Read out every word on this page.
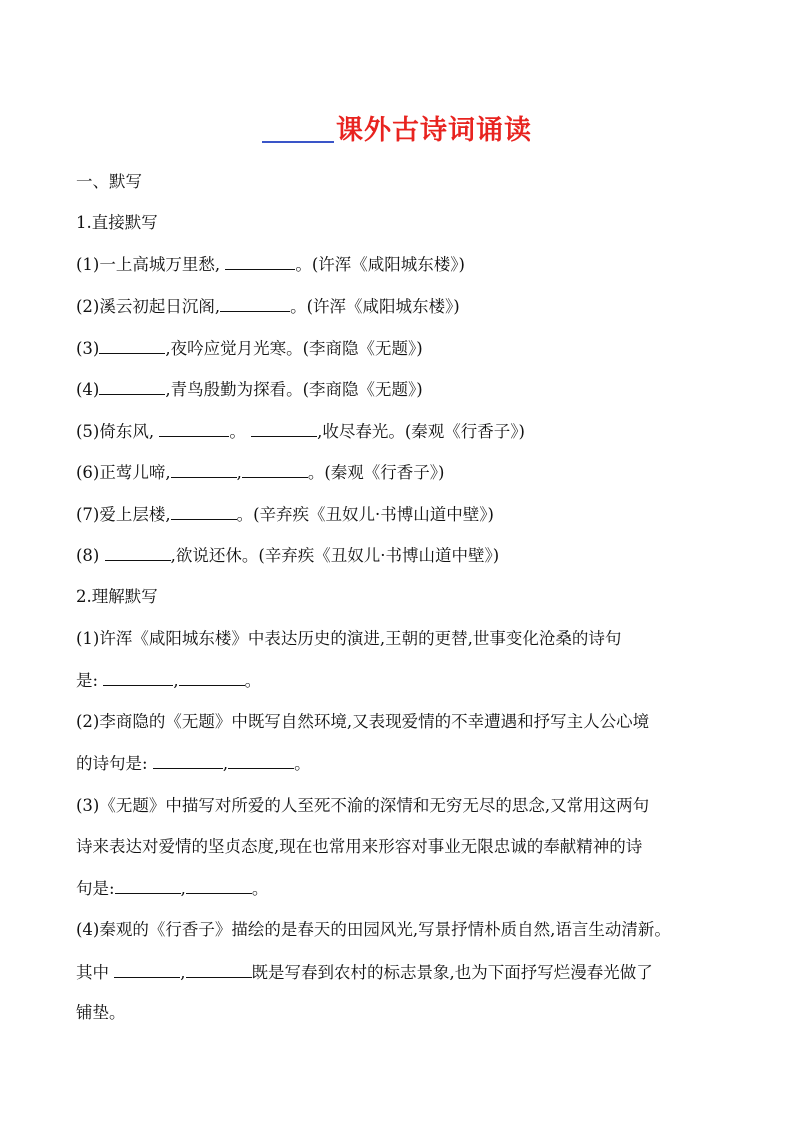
课外古诗词诵读
一、默写
1.直接默写
(1)一上高城万里愁,	。(许浑《咸阳城东楼》)
(2)溪云初起日沉阁,	。(许浑《咸阳城东楼》)
(3)	,夜吟应觉月光寒。(李商隐《无题》)
(4)	,青鸟殷勤为探看。(李商隐《无题》)
(5)倚东风,	。	,收尽春光。(秦观《行香子》)
(6)正莺儿啼,	,	。(秦观《行香子》)
(7)爱上层楼,	。(辛弃疾《丑奴儿·书博山道中壁》)
(8)	,欲说还休。(辛弃疾《丑奴儿·书博山道中壁》)
2.理解默写
(1)许浑《咸阳城东楼》中表达历史的演进,王朝的更替,世事变化沧桑的诗句
是:	,	。
(2)李商隐的《无题》中既写自然环境,又表现爱情的不幸遭遇和抒写主人公心境
的诗句是:	,	。
(3)《无题》中描写对所爱的人至死不渝的深情和无穷无尽的思念,又常用这两句
诗来表达对爱情的坚贞态度,现在也常用来形容对事业无限忠诚的奉献精神的诗
句是:	,	。
(4)秦观的《行香子》描绘的是春天的田园风光,写景抒情朴质自然,语言生动清新。
其中	,	既是写春到农村的标志景象,也为下面抒写烂漫春光做了
铺垫。
